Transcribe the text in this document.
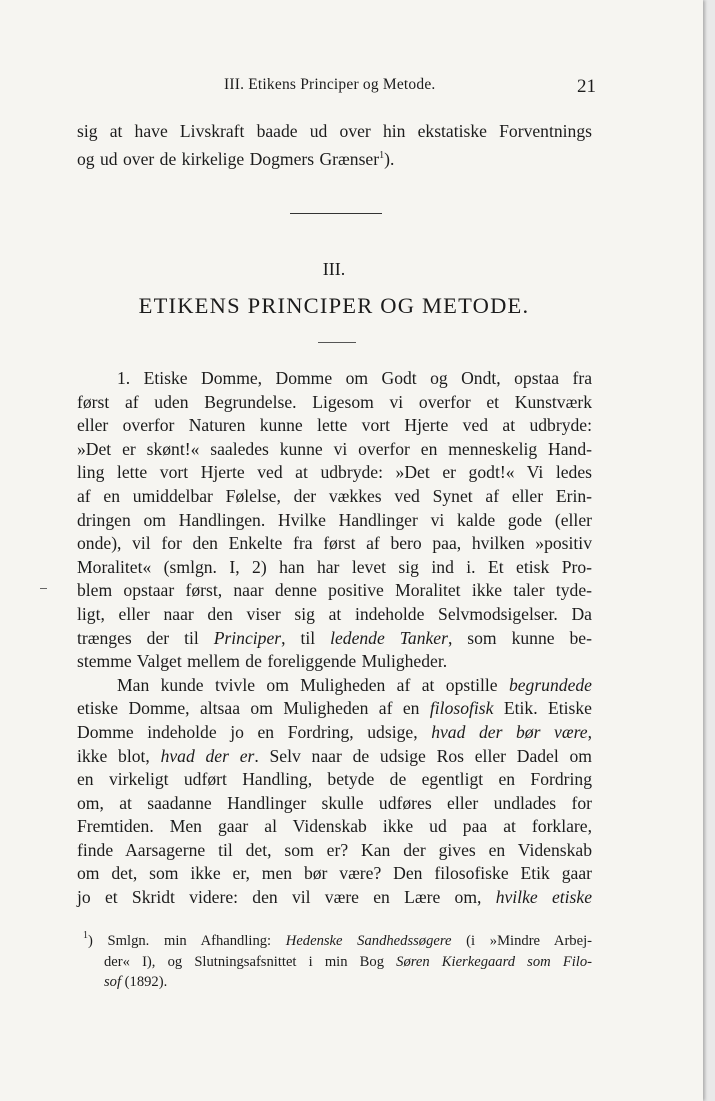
III. Etikens Principer og Metode.	21
sig at have Livskraft baade ud over hin ekstatiske Forventnings
og ud over de kirkelige Dogmers Grænser$^1$).
III.
ETIKENS PRINCIPER OG METODE.
1. Etiske Domme, Domme om Godt og Ondt, opstaa fra
først af uden Begrundelse. Ligesom vi overfor et Kunstværk
eller overfor Naturen kunne lette vort Hjerte ved at udbryde:
»Det er skønt!« saaledes kunne vi overfor en menneskelig Hand-
ling lette vort Hjerte ved at udbryde: »Det er godt!« Vi ledes
af en umiddelbar Følelse, der vækkes ved Synet af eller Erin-
dringen om Handlingen. Hvilke Handlinger vi kalde gode (eller
onde), vil for den Enkelte fra først af bero paa, hvilken »positiv
Moralitet« (smlgn. I, 2) han har levet sig ind i. Et etisk Pro-
blem opstaar først, naar denne positive Moralitet ikke taler tyde-
ligt, eller naar den viser sig at indeholde Selvmodsigelser. Da
trænges der til Principer, til ledende Tanker, som kunne be-
stemme Valget mellem de foreliggende Muligheder.
Man kunde tvivle om Muligheden af at opstille begrundede
etiske Domme, altsaa om Muligheden af en filosofisk Etik. Etiske
Domme indeholde jo en Fordring, udsige, hvad der bør være,
ikke blot, hvad der er. Selv naar de udsige Ros eller Dadel om
en virkeligt udført Handling, betyde de egentligt en Fordring
om, at saadanne Handlinger skulle udføres eller undlades for
Fremtiden. Men gaar al Videnskab ikke ud paa at forklare,
finde Aarsagerne til det, som er? Kan der gives en Videnskab
om det, som ikke er, men bør være? Den filosofiske Etik gaar
jo et Skridt videre: den vil være en Lære om, hvilke etiske
$^1$) Smlgn. min Afhandling: Hedenske Sandhedssøgere (i »Mindre Arbej-
der« I), og Slutningsafsnittet i min Bog Søren Kierkegaard som Filo-
sof (1892).
